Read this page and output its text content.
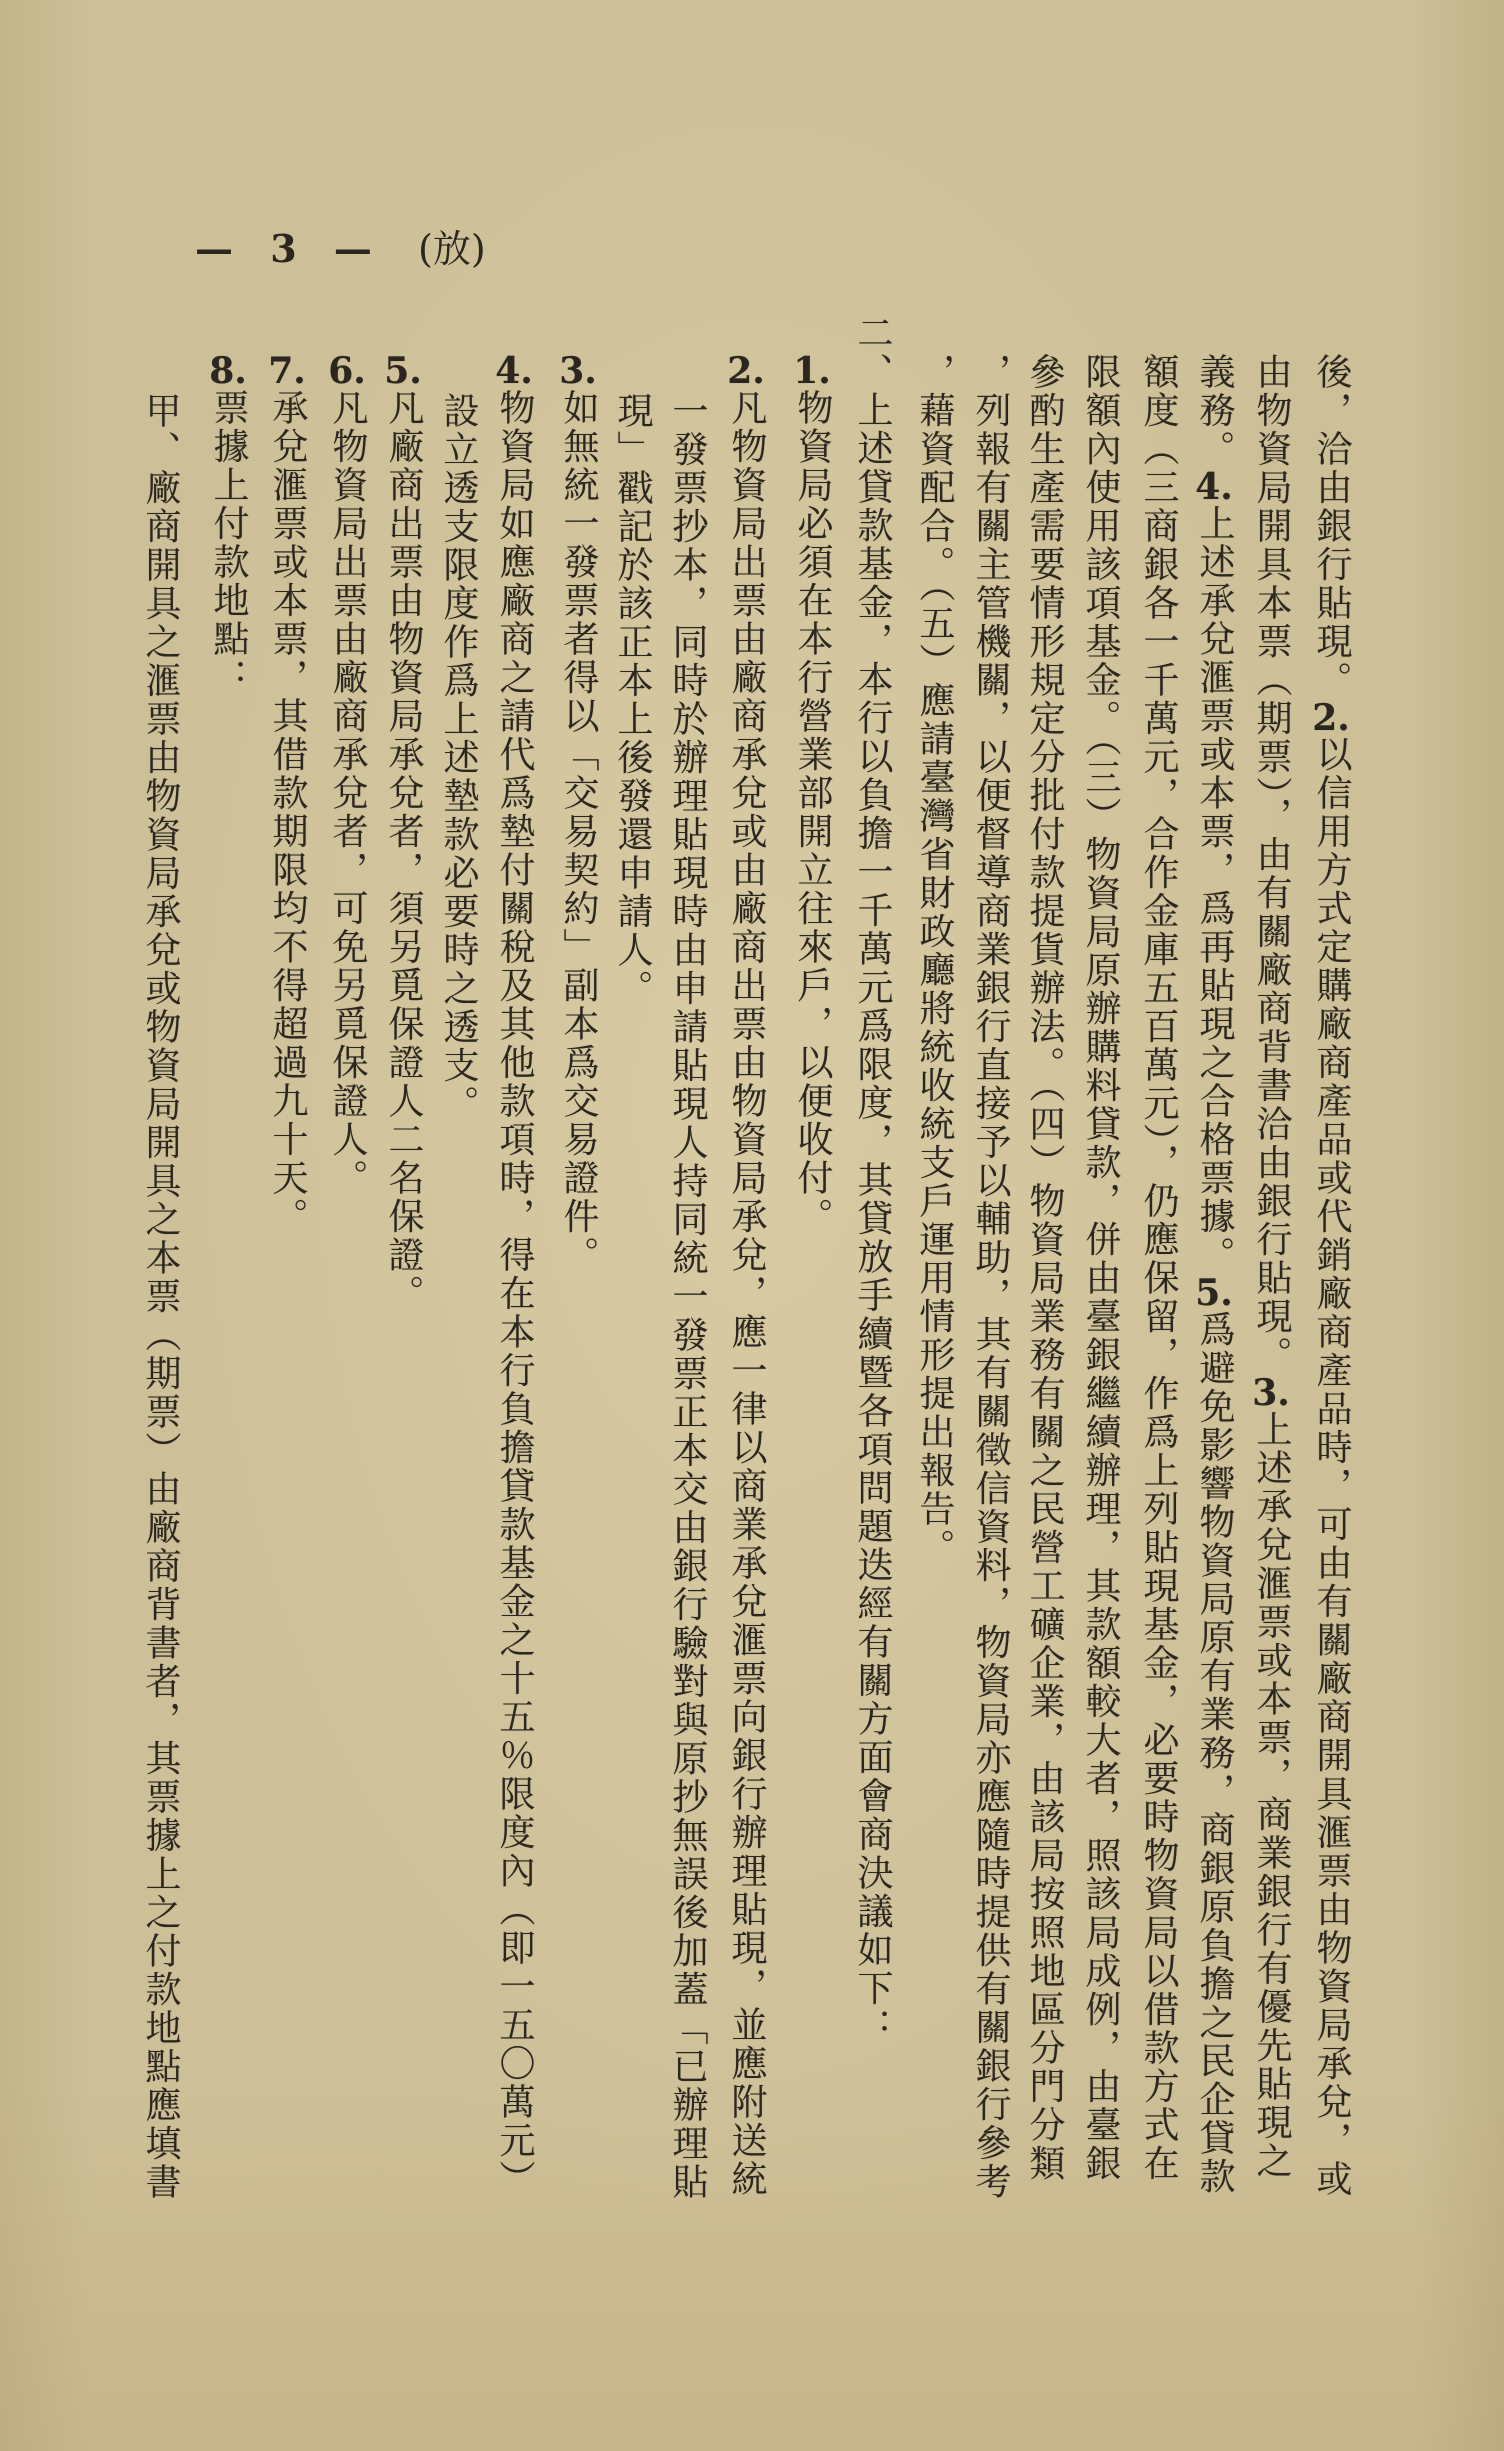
— 3 — (放)
後，洽由銀行貼現。2.以信用方式定購廠商產品或代銷廠商產品時，可由有關廠商開具滙票由物資局承兌，或
由物資局開具本票（期票），由有關廠商背書洽由銀行貼現。3.上述承兌滙票或本票，商業銀行有優先貼現之
義務。4.上述承兌滙票或本票，爲再貼現之合格票據。5.爲避免影響物資局原有業務，商銀原負擔之民企貸款
額度（三商銀各一千萬元，合作金庫五百萬元），仍應保留，作爲上列貼現基金，必要時物資局以借款方式在
限額內使用該項基金。（三）物資局原辦購料貸款，併由臺銀繼續辦理，其款額較大者，照該局成例，由臺銀
參酌生產需要情形規定分批付款提貨辦法。（四）物資局業務有關之民營工礦企業，由該局按照地區分門分類
，列報有關主管機關，以便督導商業銀行直接予以輔助，其有關徵信資料，物資局亦應隨時提供有關銀行參考
，藉資配合。（五）應請臺灣省財政廳將統收統支戶運用情形提出報告。
二、上述貸款基金，本行以負擔一千萬元爲限度，其貸放手續暨各項問題迭經有關方面會商決議如下：
1.物資局必須在本行營業部開立往來戶，以便收付。
2.凡物資局出票由廠商承兌或由廠商出票由物資局承兌，應一律以商業承兌滙票向銀行辦理貼現，並應附送統
一發票抄本，同時於辦理貼現時由申請貼現人持同統一發票正本交由銀行驗對與原抄無誤後加蓋「已辦理貼
現」戳記於該正本上後發還申請人。
3.如無統一發票者得以「交易契約」副本爲交易證件。
4.物資局如應廠商之請代爲墊付關稅及其他款項時，得在本行負擔貸款基金之十五％限度內（即一五〇萬元）
設立透支限度作爲上述墊款必要時之透支。
5.凡廠商出票由物資局承兌者，須另覓保證人二名保證。
6.凡物資局出票由廠商承兌者，可免另覓保證人。
7.承兌滙票或本票，其借款期限均不得超過九十天。
8.票據上付款地點：
甲、廠商開具之滙票由物資局承兌或物資局開具之本票（期票）由廠商背書者，其票據上之付款地點應填書
